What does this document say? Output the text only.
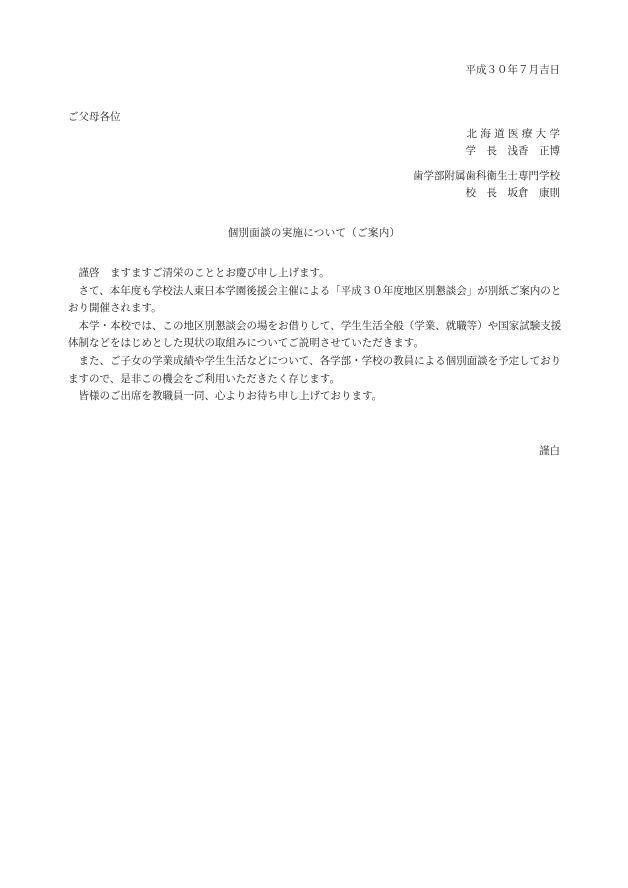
平成３０年７月吉日
ご父母各位
北 海 道 医 療 大 学
学　長　浅香　正博
歯学部附属歯科衛生士専門学校
校　長　坂倉　康則
個別面談の実施について（ご案内）

謹啓　ますますご清栄のこととお慶び申し上げます。

さて、本年度も学校法人東日本学園後援会主催による「平成３０年度地区別懇談会」が別紙ご案内のとおり開催されます。

本学・本校では、この地区別懇談会の場をお借りして、学生生活全般（学業、就職等）や国家試験支援体制などをはじめとした現状の取組みについてご説明させていただきます。

また、ご子女の学業成績や学生生活などについて、各学部・学校の教員による個別面談を予定しておりますので、是非この機会をご利用いただきたく存じます。

皆様のご出席を教職員一同、心よりお待ち申し上げております。

謹白
